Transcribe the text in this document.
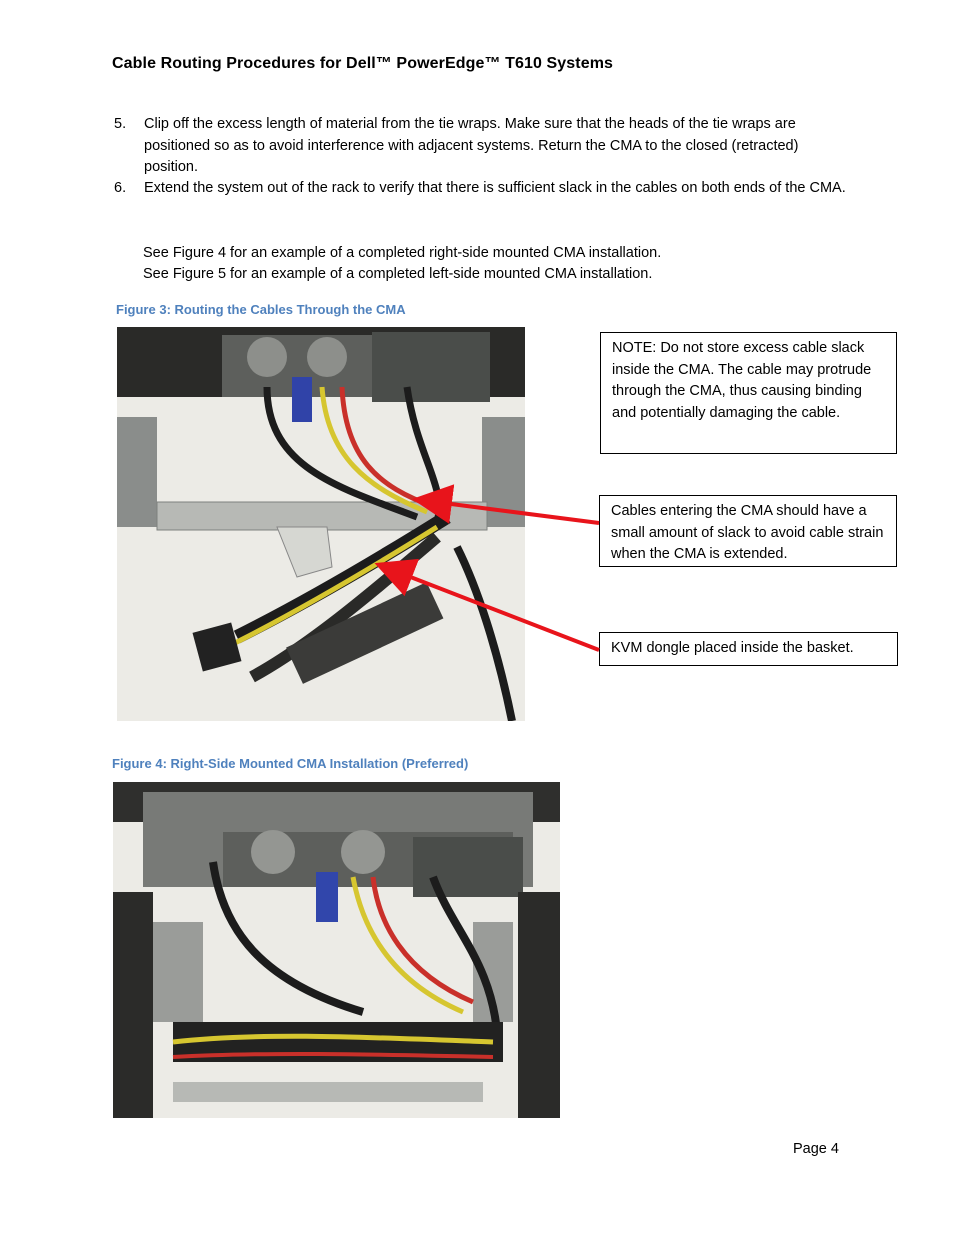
Cable Routing Procedures for Dell™ PowerEdge™ T610 Systems
5. Clip off the excess length of material from the tie wraps. Make sure that the heads of the tie wraps are positioned so as to avoid interference with adjacent systems. Return the CMA to the closed (retracted) position.
6. Extend the system out of the rack to verify that there is sufficient slack in the cables on both ends of the CMA.
See Figure 4 for an example of a completed right-side mounted CMA installation.
See Figure 5 for an example of a completed left-side mounted CMA installation.
Figure 3: Routing the Cables Through the CMA
NOTE: Do not store excess cable slack inside the CMA. The cable may protrude through the CMA, thus causing binding and potentially damaging the cable.
Cables entering the CMA should have a small amount of slack to avoid cable strain when the CMA is extended.
KVM dongle placed inside the basket.
Figure 4: Right-Side Mounted CMA Installation (Preferred)
Page 4
